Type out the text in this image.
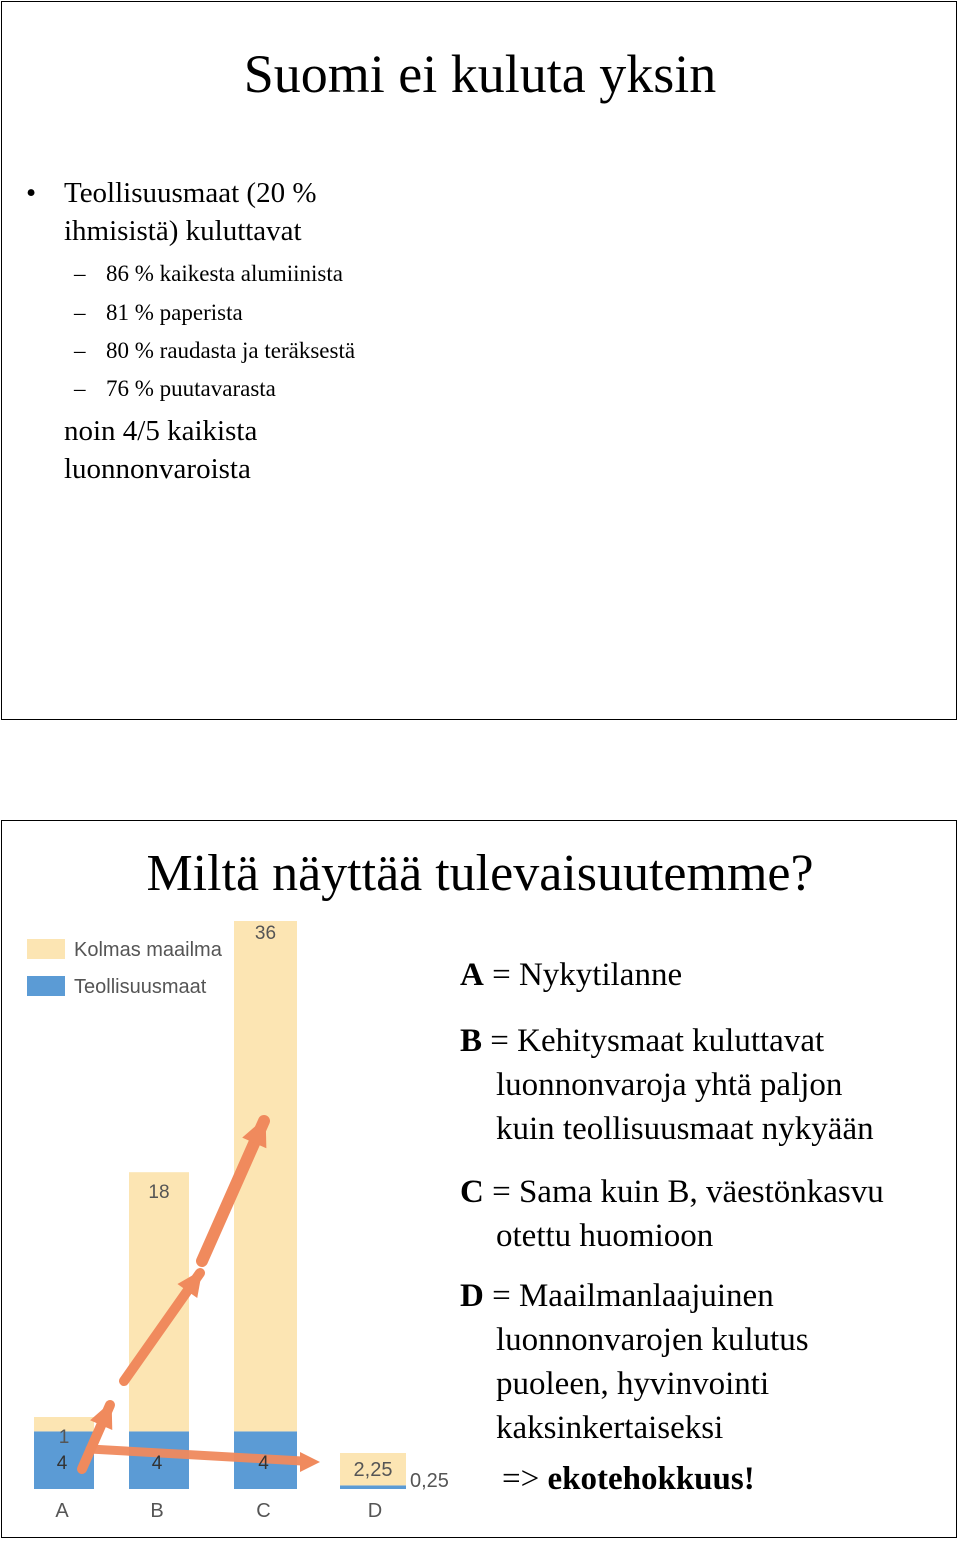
Suomi ei kuluta yksin
• Teollisuusmaat (20 %
ihmisistä) kuluttavat
– 86 % kaikesta alumiinista
– 81 % paperista
– 80 % raudasta ja teräksestä
– 76 % puutavarasta
noin 4/5 kaikista
luonnonvaroista
Miltä näyttää tulevaisuutemme?
Kolmas maailma
Teollisuusmaat
1
4
A
18
4
B
36
4
C
2,25 0,25
D
A = Nykytilanne
B = Kehitysmaat kuluttavat
luonnonvaroja yhtä paljon
kuin teollisuusmaat nykyään
C = Sama kuin B, väestönkasvu
otettu huomioon
D = Maailmanlaajuinen
luonnonvarojen kulutus
puoleen, hyvinvointi
kaksinkertaiseksi
=> ekotehokkuus!
